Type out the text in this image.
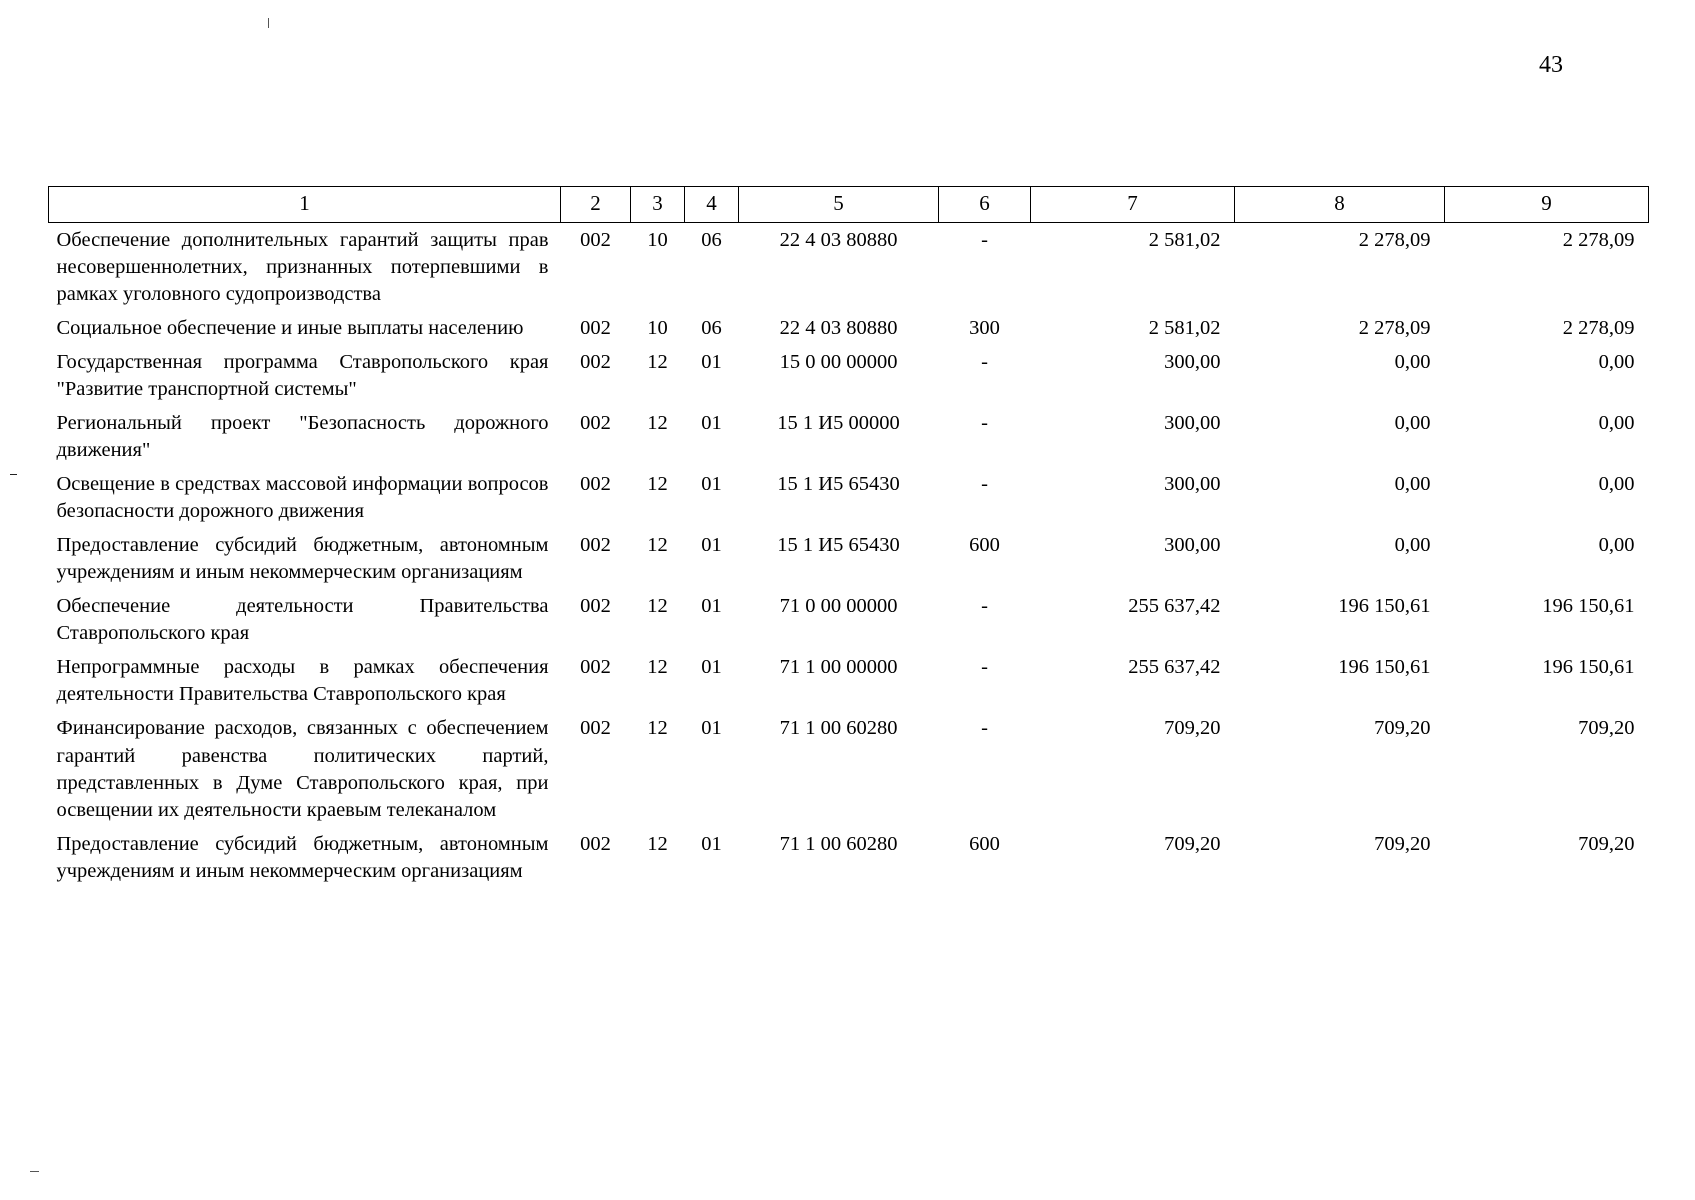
43
1	2	3	4	5	6	7	8	9
Обеспечение дополнительных гарантий защиты прав несовершеннолетних, признанных потерпевшими в рамках уголовного судопроизводства	002	10	06	22 4 03 80880	-	2 581,02	2 278,09	2 278,09
Социальное обеспечение и иные выплаты населению	002	10	06	22 4 03 80880	300	2 581,02	2 278,09	2 278,09
Государственная программа Ставропольского края "Развитие транспортной системы"	002	12	01	15 0 00 00000	-	300,00	0,00	0,00
Региональный проект "Безопасность дорожного движения"	002	12	01	15 1 И5 00000	-	300,00	0,00	0,00
Освещение в средствах массовой информации вопросов безопасности дорожного движения	002	12	01	15 1 И5 65430	-	300,00	0,00	0,00
Предоставление субсидий бюджетным, автономным учреждениям и иным некоммерческим организациям	002	12	01	15 1 И5 65430	600	300,00	0,00	0,00
Обеспечение деятельности Правительства Ставропольского края	002	12	01	71 0 00 00000	-	255 637,42	196 150,61	196 150,61
Непрограммные расходы в рамках обеспечения деятельности Правительства Ставропольского края	002	12	01	71 1 00 00000	-	255 637,42	196 150,61	196 150,61
Финансирование расходов, связанных с обеспечением гарантий равенства политических партий, представленных в Думе Ставропольского края, при освещении их деятельности краевым телеканалом	002	12	01	71 1 00 60280	-	709,20	709,20	709,20
Предоставление субсидий бюджетным, автономным учреждениям и иным некоммерческим организациям	002	12	01	71 1 00 60280	600	709,20	709,20	709,20
